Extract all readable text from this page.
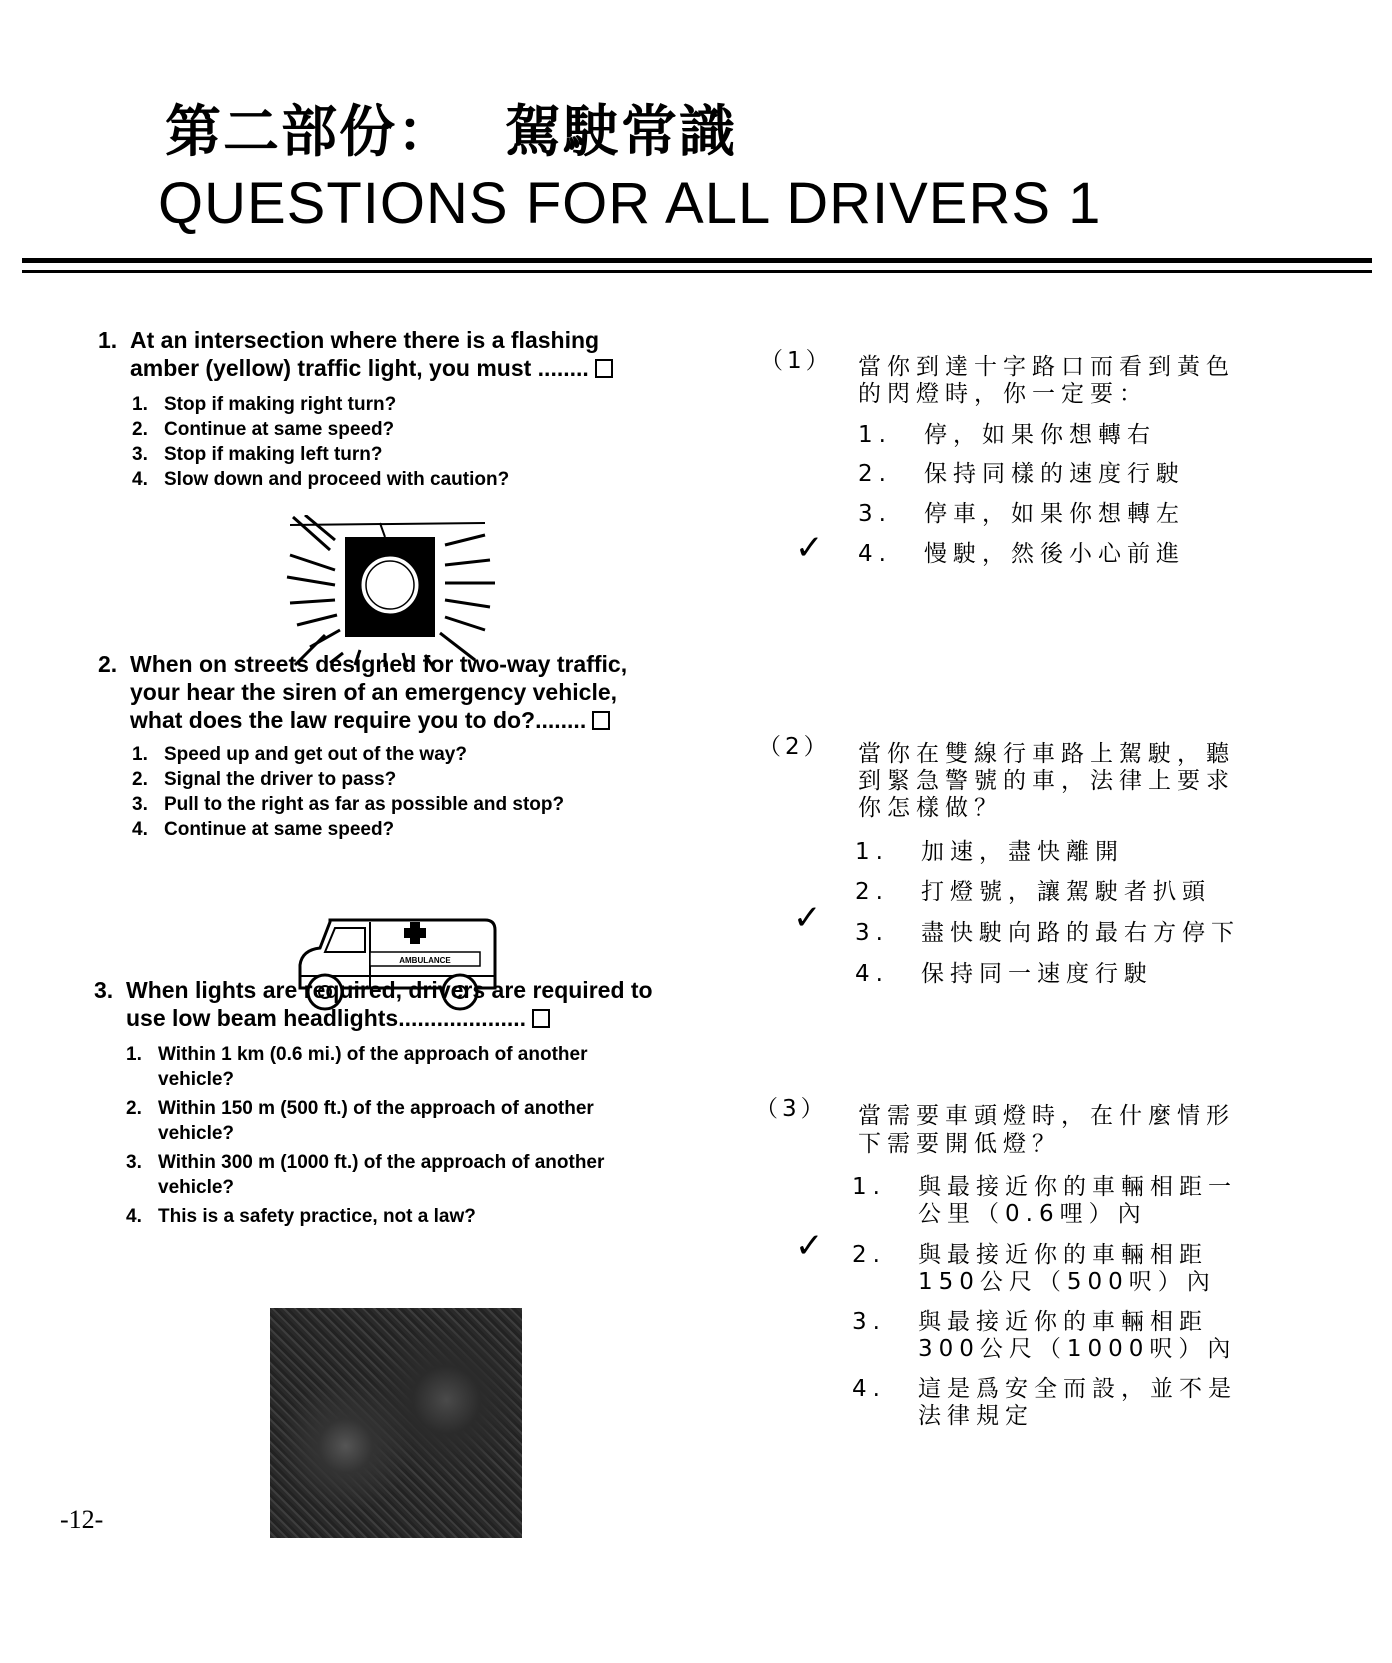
第二部份： 駕駛常識
QUESTIONS FOR ALL DRIVERS 1
1. At an intersection where there is a flashing
amber (yellow) traffic light, you must ........
1. Stop if making right turn?
2. Continue at same speed?
3. Stop if making left turn?
4. Slow down and proceed with caution?
2. When on streets designed for two-way traffic,
your hear the siren of an emergency vehicle,
what does the law require you to do?........
1. Speed up and get out of the way?
2. Signal the driver to pass?
3. Pull to the right as far as possible and stop?
4. Continue at same speed?
AMBULANCE
3. When lights are required, drivers are required to
use low beam headlights....................
1. Within 1 km (0.6 mi.) of the approach of another
vehicle?
2. Within 150 m (500 ft.) of the approach of another
vehicle?
3. Within 300 m (1000 ft.) of the approach of another
vehicle?
4. This is a safety practice, not a law?
（1） 當你到達十字路口而看到黃色
的閃燈時，你一定要：
1. 停，如果你想轉右
2. 保持同樣的速度行駛
3. 停車，如果你想轉左
4. 慢駛，然後小心前進
✓
（2） 當你在雙線行車路上駕駛，聽
到緊急警號的車，法律上要求
你怎樣做？
1. 加速，盡快離開
2. 打燈號，讓駕駛者扒頭
3. 盡快駛向路的最右方停下
4. 保持同一速度行駛
✓
（3） 當需要車頭燈時，在什麼情形
下需要開低燈？
1. 與最接近你的車輛相距一
公里（0.6哩）內
2. 與最接近你的車輛相距
150公尺（500呎）內
3. 與最接近你的車輛相距
300公尺（1000呎）內
4. 這是爲安全而設，並不是
法律規定
✓
-12-
